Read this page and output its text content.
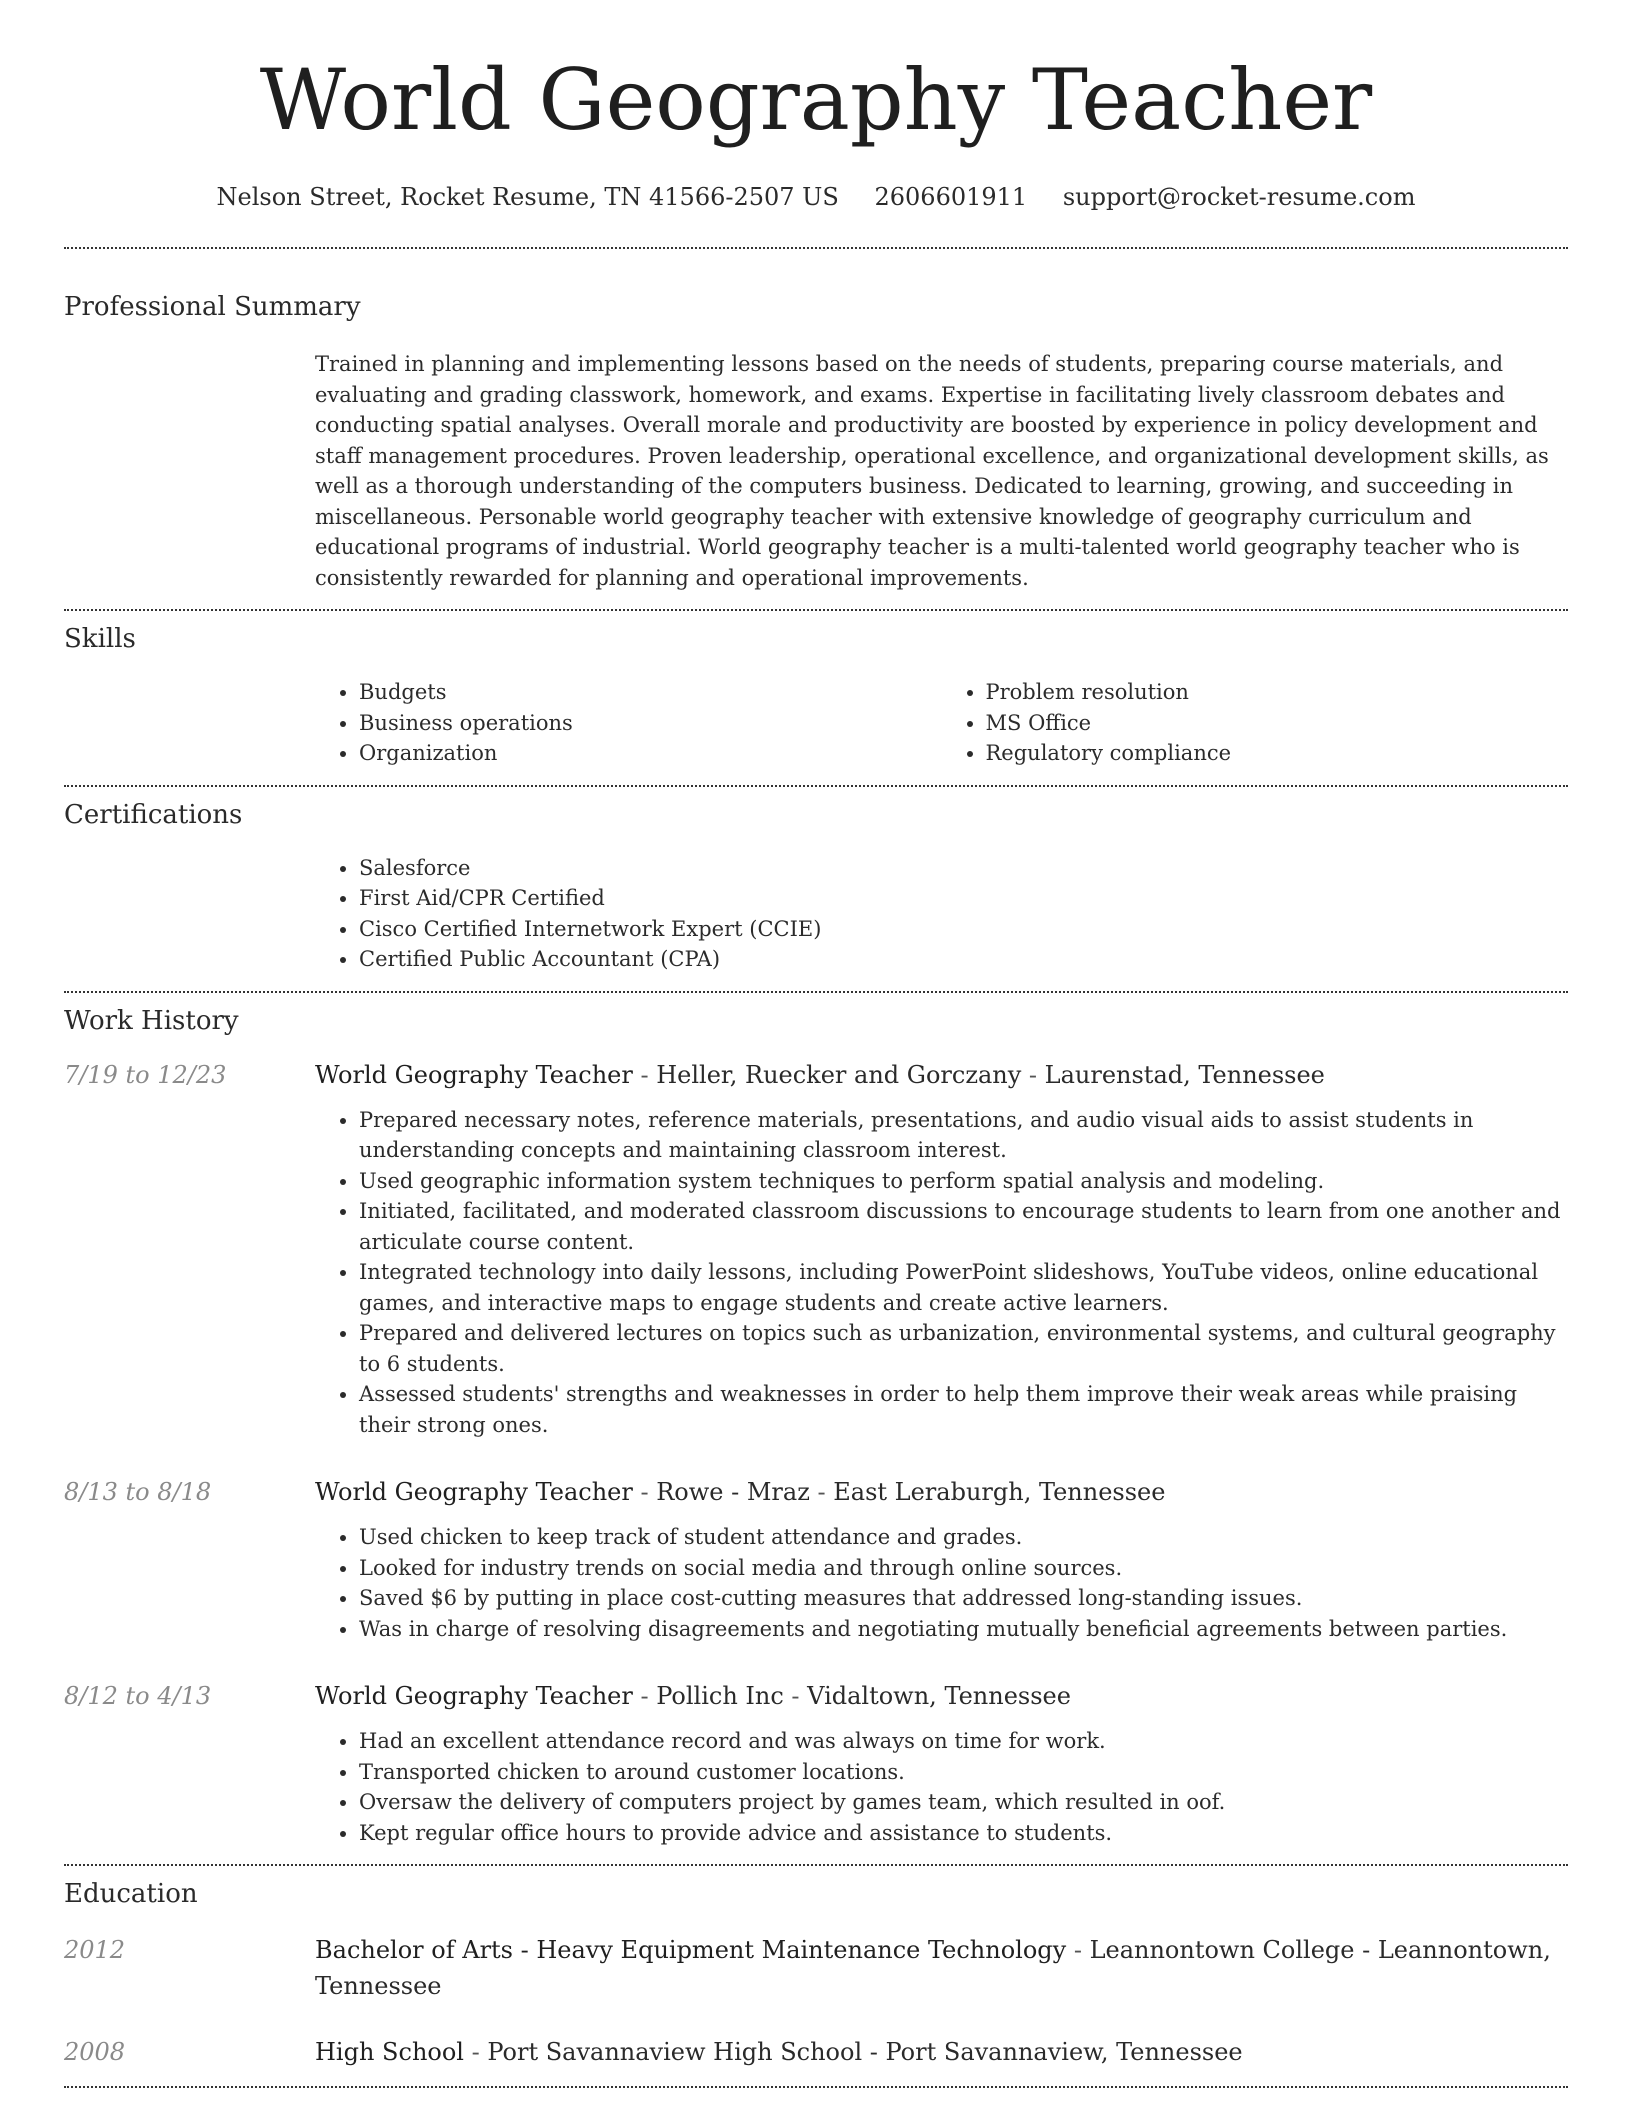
World Geography Teacher
Nelson Street, Rocket Resume, TN 41566-2507 US 2606601911 support@rocket-resume.com
Professional Summary

Trained in planning and implementing lessons based on the needs of students, preparing course materials, and evaluating and grading classwork, homework, and exams. Expertise in facilitating lively classroom debates and conducting spatial analyses. Overall morale and productivity are boosted by experience in policy development and staff management procedures. Proven leadership, operational excellence, and organizational development skills, as well as a thorough understanding of the computers business. Dedicated to learning, growing, and succeeding in miscellaneous. Personable world geography teacher with extensive knowledge of geography curriculum and educational programs of industrial. World geography teacher is a multi-talented world geography teacher who is consistently rewarded for planning and operational improvements.

Skills
• Budgets
• Business operations
• Organization
• Problem resolution
• MS Office
• Regulatory compliance
Certifications
• Salesforce
• First Aid/CPR Certified
• Cisco Certified Internetwork Expert (CCIE)
• Certified Public Accountant (CPA)
Work History
7/19 to 12/23	World Geography Teacher - Heller, Ruecker and Gorczany - Laurenstad, Tennessee
• Prepared necessary notes, reference materials, presentations, and audio visual aids to assist students in understanding concepts and maintaining classroom interest.
• Used geographic information system techniques to perform spatial analysis and modeling.
• Initiated, facilitated, and moderated classroom discussions to encourage students to learn from one another and articulate course content.
• Integrated technology into daily lessons, including PowerPoint slideshows, YouTube videos, online educational games, and interactive maps to engage students and create active learners.
• Prepared and delivered lectures on topics such as urbanization, environmental systems, and cultural geography to 6 students.
• Assessed students' strengths and weaknesses in order to help them improve their weak areas while praising their strong ones.
8/13 to 8/18	World Geography Teacher - Rowe - Mraz - East Leraburgh, Tennessee
• Used chicken to keep track of student attendance and grades.
• Looked for industry trends on social media and through online sources.
• Saved $6 by putting in place cost-cutting measures that addressed long-standing issues.
• Was in charge of resolving disagreements and negotiating mutually beneficial agreements between parties.
8/12 to 4/13	World Geography Teacher - Pollich Inc - Vidaltown, Tennessee
• Had an excellent attendance record and was always on time for work.
• Transported chicken to around customer locations.
• Oversaw the delivery of computers project by games team, which resulted in oof.
• Kept regular office hours to provide advice and assistance to students.
Education
2012	Bachelor of Arts - Heavy Equipment Maintenance Technology - Leannontown College - Leannontown, Tennessee
2008	High School - Port Savannaview High School - Port Savannaview, Tennessee
